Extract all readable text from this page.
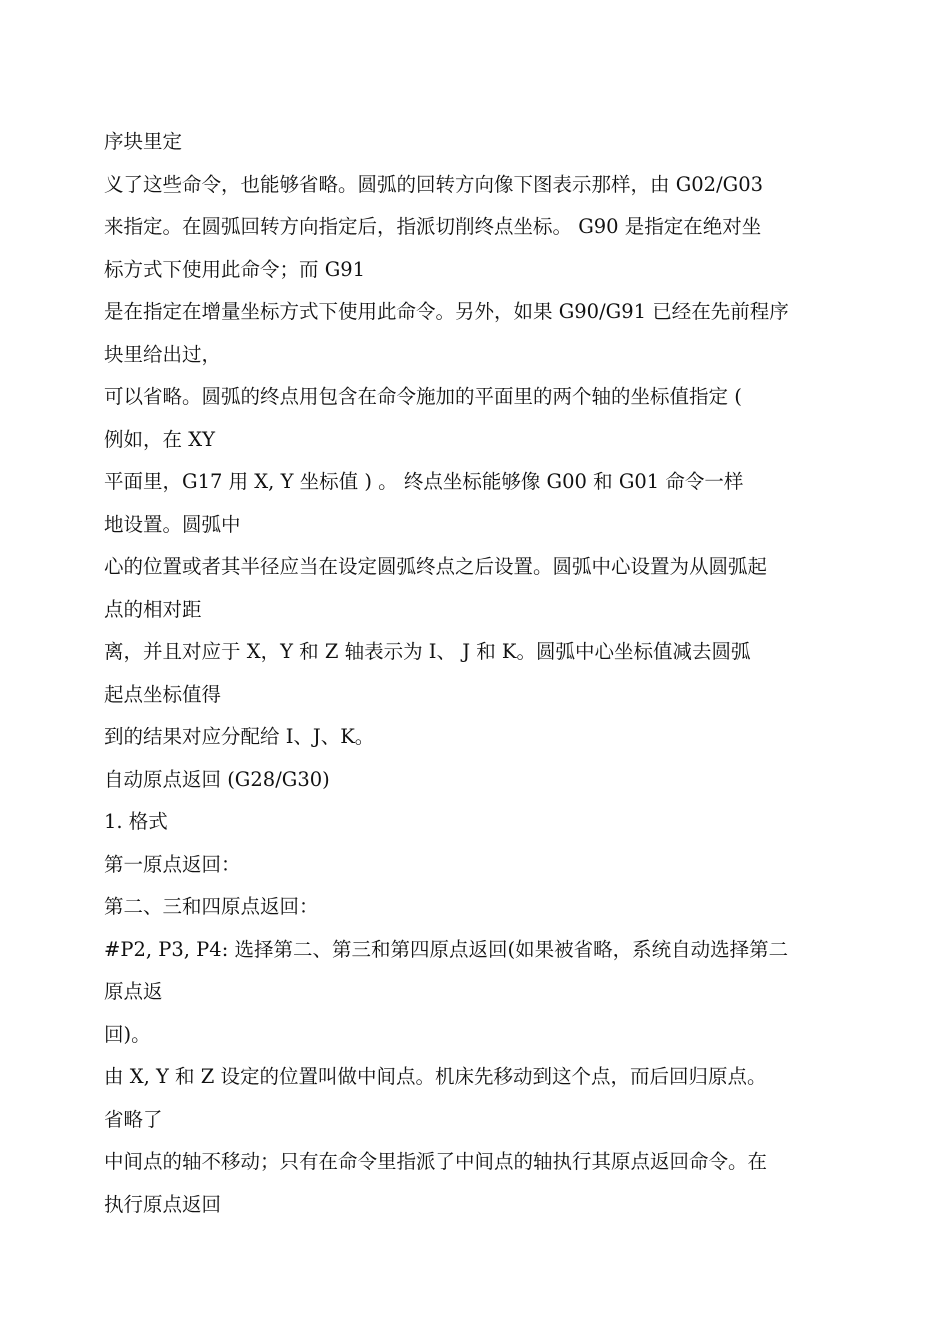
序块里定
义了这些命令，也能够省略。圆弧的回转方向像下图表示那样，由 G02/G03
来指定。在圆弧回转方向指定后，指派切削终点坐标。 G90 是指定在绝对坐
标方式下使用此命令；而 G91
是在指定在增量坐标方式下使用此命令。另外，如果 G90/G91 已经在先前程序
块里给出过，
可以省略。圆弧的终点用包含在命令施加的平面里的两个轴的坐标值指定 (
例如，在 XY
平面里，G17 用 X, Y 坐标值 ) 。 终点坐标能够像 G00 和 G01 命令一样
地设置。圆弧中
心的位置或者其半径应当在设定圆弧终点之后设置。圆弧中心设置为从圆弧起
点的相对距
离，并且对应于 X，Y 和 Z 轴表示为 I、 J 和 K。圆弧中心坐标值减去圆弧
起点坐标值得
到的结果对应分配给 I、J、K。
自动原点返回 (G28/G30)
1. 格式
第一原点返回：
第二、三和四原点返回：
#P2, P3, P4: 选择第二、第三和第四原点返回(如果被省略，系统自动选择第二
原点返
回)。
由 X, Y 和 Z 设定的位置叫做中间点。机床先移动到这个点，而后回归原点。
省略了
中间点的轴不移动；只有在命令里指派了中间点的轴执行其原点返回命令。在
执行原点返回
